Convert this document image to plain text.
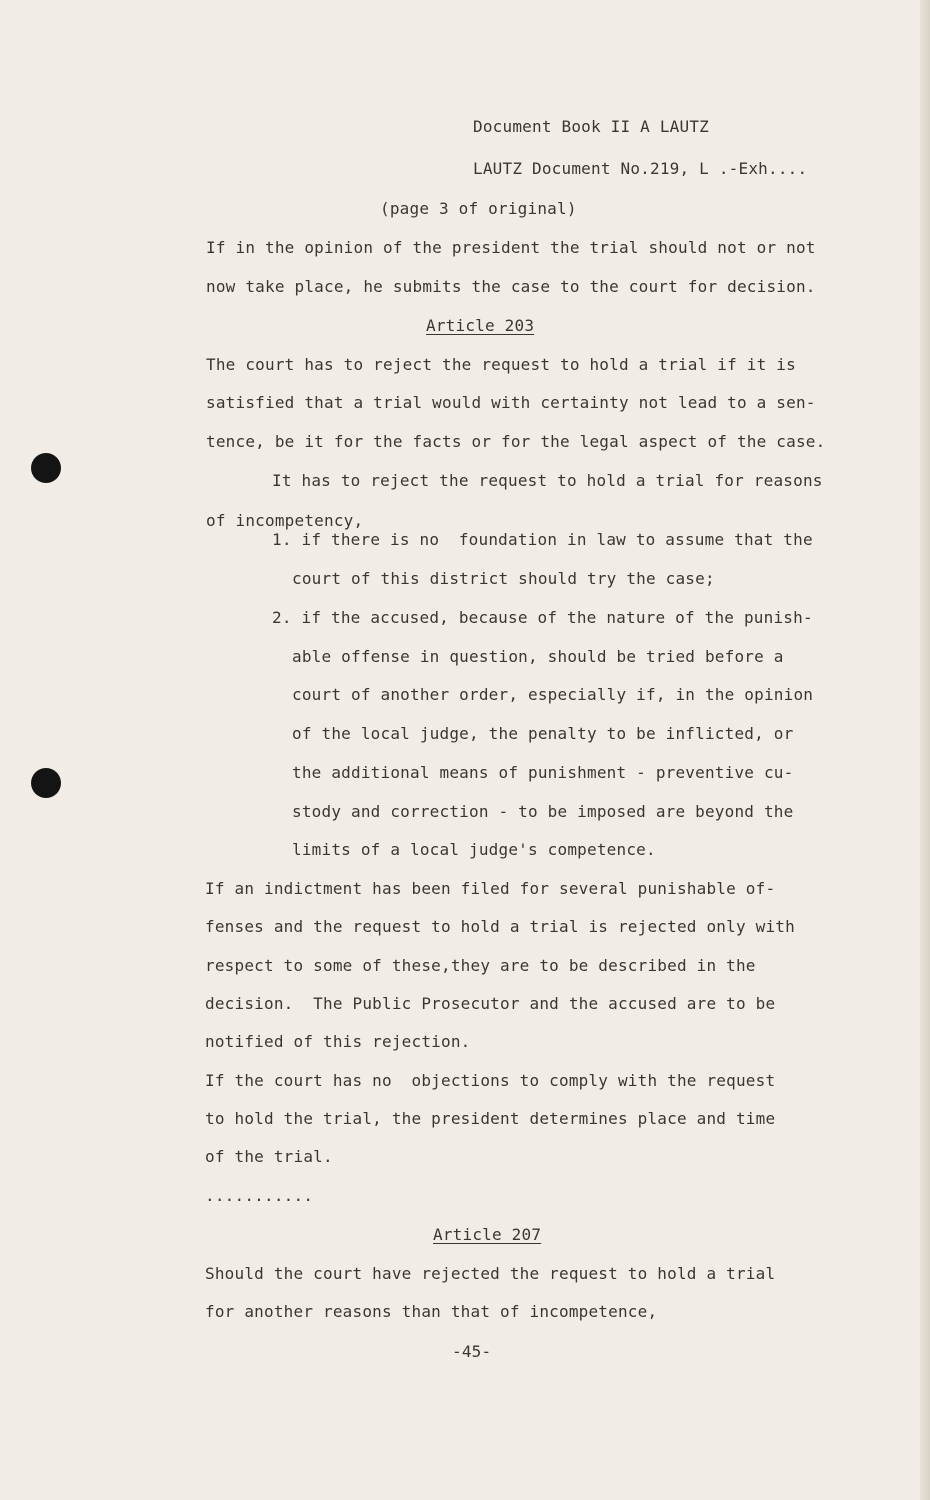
Document Book II A LAUTZ
LAUTZ Document No.219, L .-Exh....
(page 3 of original)
If in the opinion of the president the trial should not or not
now take place, he submits the case to the court for decision.
Article 203
The court has to reject the request to hold a trial if it is
satisfied that a trial would with certainty not lead to a sen-
tence, be it for the facts or for the legal aspect of the case.
It has to reject the request to hold a trial for reasons
of incompetency,
1. if there is no  foundation in law to assume that the
court of this district should try the case;
2. if the accused, because of the nature of the punish-
able offense in question, should be tried before a
court of another order, especially if, in the opinion
of the local judge, the penalty to be inflicted, or
the additional means of punishment - preventive cu-
stody and correction - to be imposed are beyond the
limits of a local judge's competence.
If an indictment has been filed for several punishable of-
fenses and the request to hold a trial is rejected only with
respect to some of these,they are to be described in the
decision.  The Public Prosecutor and the accused are to be
notified of this rejection.
If the court has no  objections to comply with the request
to hold the trial, the president determines place and time
of the trial.
...........
Article 207
Should the court have rejected the request to hold a trial
for another reasons than that of incompetence,
-45-
